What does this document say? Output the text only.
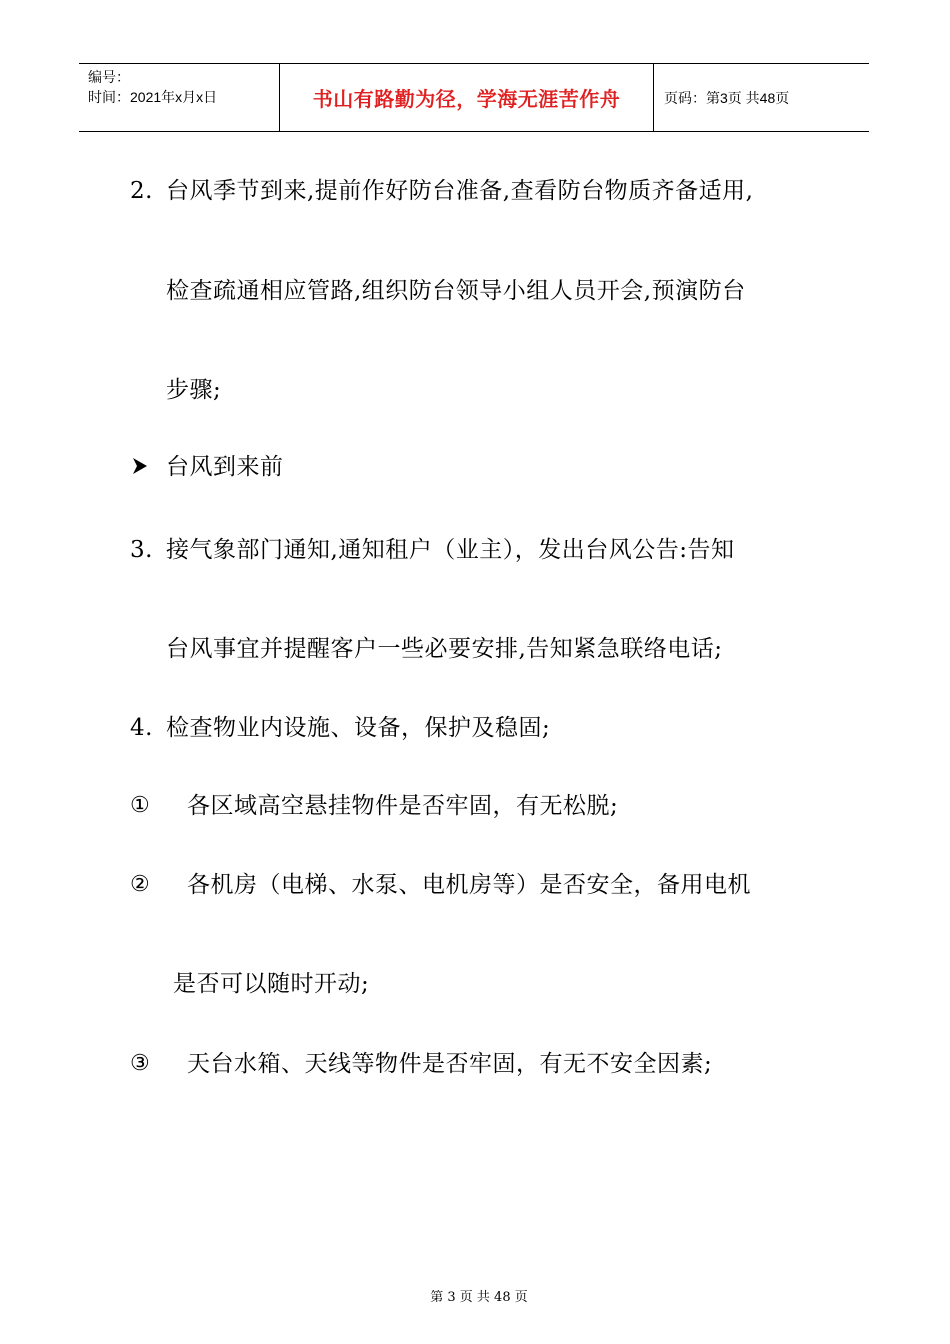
编号：
时间：2021年x月x日	书山有路勤为径，学海无涯苦作舟	页码：第3页 共48页
2. 台风季节到来,提前作好防台准备,查看防台物质齐备适用,
检查疏通相应管路,组织防台领导小组人员开会,预演防台
步骤;
台风到来前
3. 接气象部门通知,通知租户（业主），发出台风公告:告知
台风事宜并提醒客户一些必要安排,告知紧急联络电话;
4. 检查物业内设施、设备，保护及稳固;
① 各区域高空悬挂物件是否牢固，有无松脱;
② 各机房（电梯、水泵、电机房等）是否安全，备用电机
是否可以随时开动;
③ 天台水箱、天线等物件是否牢固，有无不安全因素;
第 3 页 共 48 页
